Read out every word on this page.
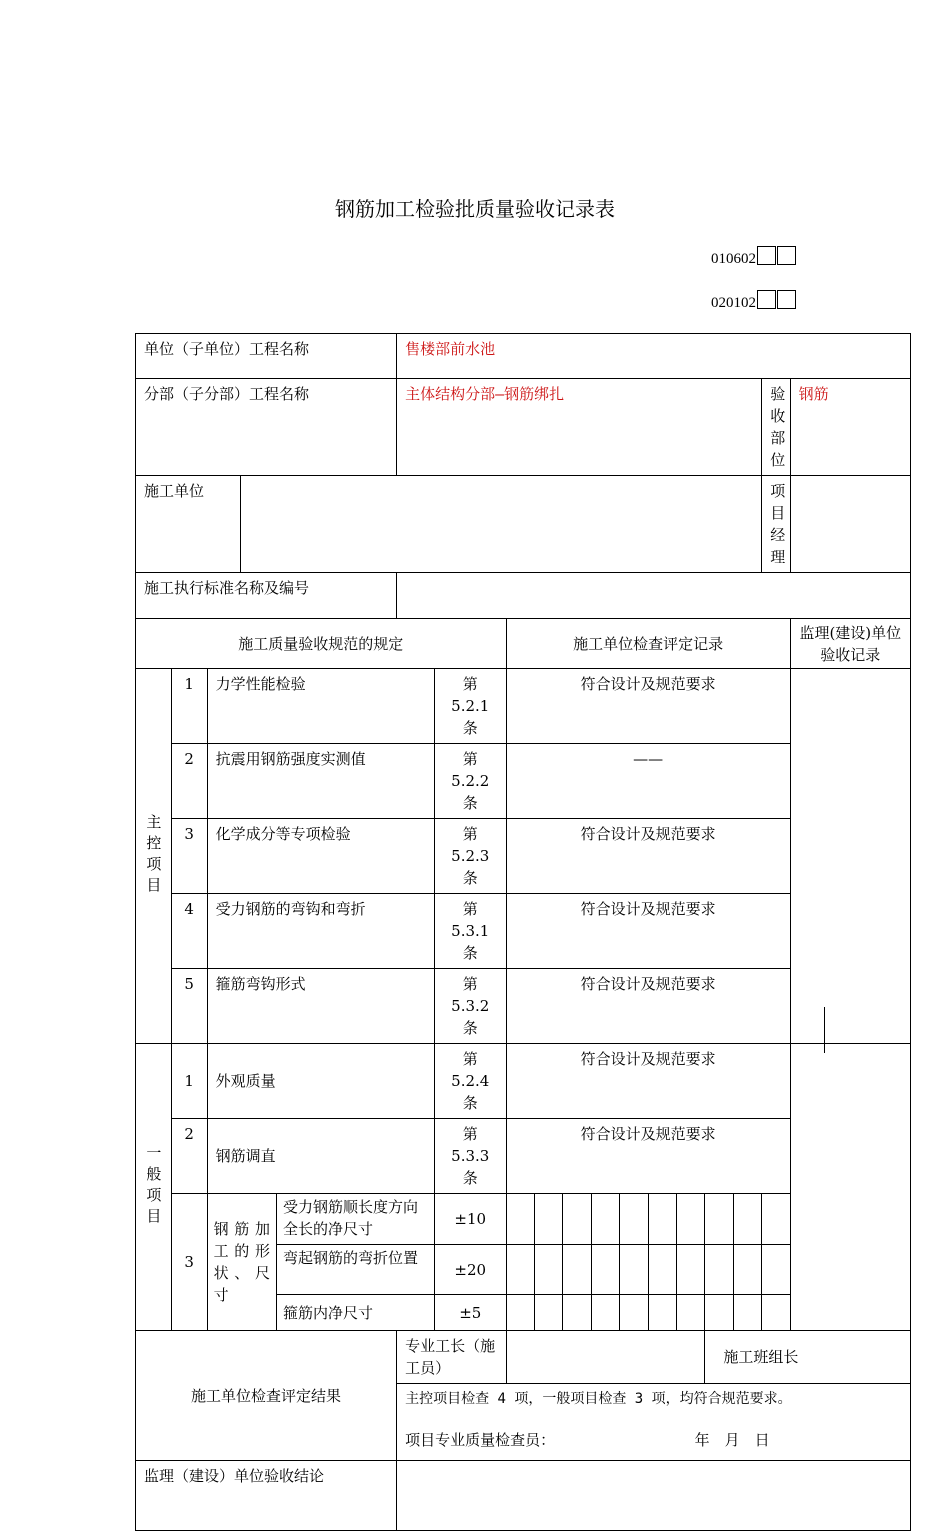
钢筋加工检验批质量验收记录表
010602
020102
单位（子单位）工程名称					售楼部前水池												
分部（子分部）工程名称					主体结构分部—钢筋绑扎											验收部位	钢筋
施工单位																项目经理	
施工执行标准名称及编号																	
施工质量验收规范的规定							施工单位检查评定记录										监理(建设)单位验收记录
主控项目	1	力学性能检验				第 5.2.1 条	符合设计及规范要求										
	2	抗震用钢筋强度实测值				第 5.2.2 条	——										
	3	化学成分等专项检验				第 5.2.3 条	符合设计及规范要求										
	4	受力钢筋的弯钩和弯折				第 5.3.1 条	符合设计及规范要求										
	5	箍筋弯钩形式				第 5.3.2 条	符合设计及规范要求										
一般项目	1	外观质量				第 5.2.4 条	符合设计及规范要求										
	2	钢筋调直				第 5.3.3 条	符合设计及规范要求										
	3	钢筋加工的形状、尺寸		受力钢筋顺长度方向全长的净尺寸		±10											
				弯起钢筋的弯折位置		±20											
				箍筋内净尺寸		±5											
施工单位检查评定结果					专业工长（施工员）									施工班组长			

					主控项目检查 4 项，一般项目检查 3 项，均符合规范要求。
项目专业质量检查员： 年　月　日												

监理（建设）单位验收结论																	
